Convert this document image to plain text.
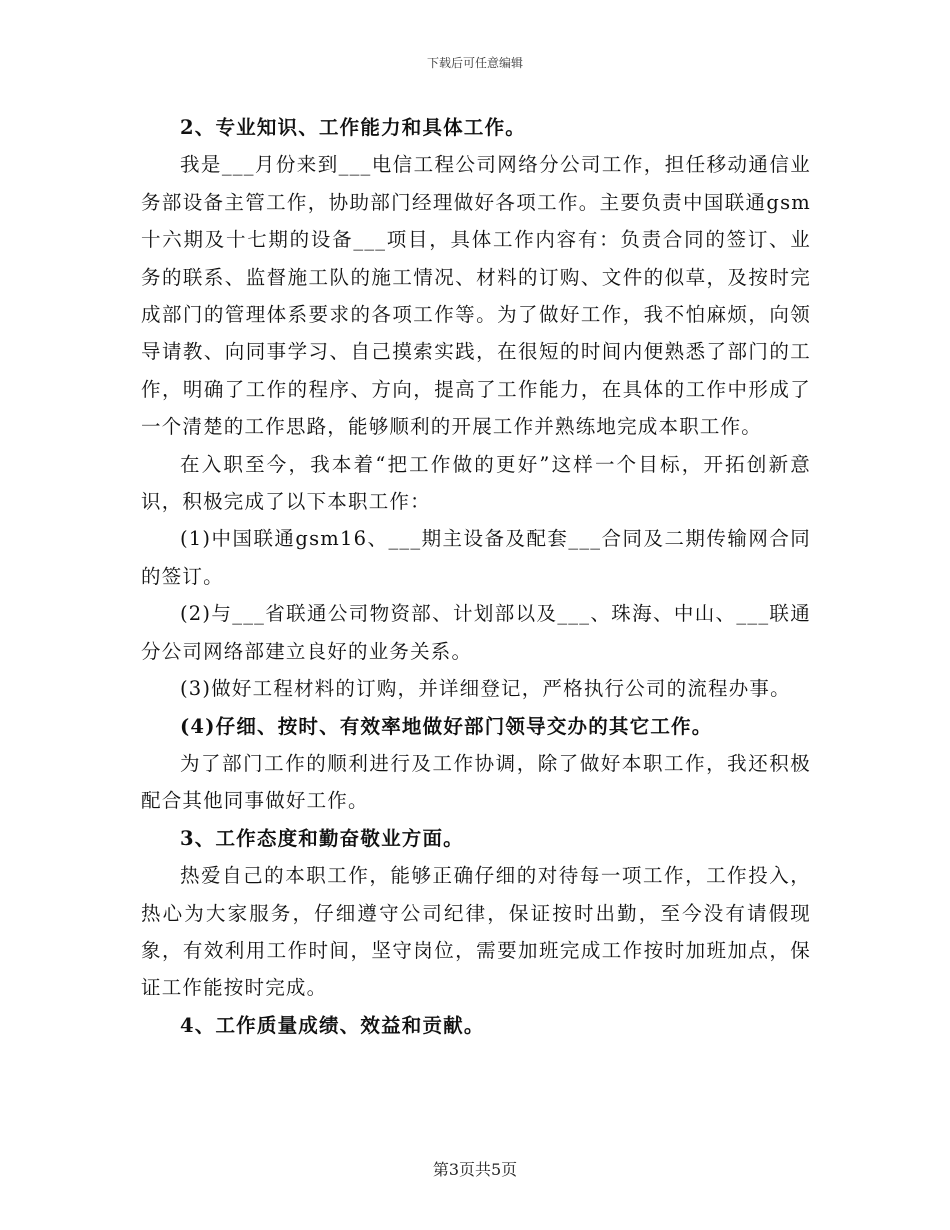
下载后可任意编辑

2、专业知识、工作能力和具体工作。

我是___月份来到___电信工程公司网络分公司工作，担任移动通信业务部设备主管工作，协助部门经理做好各项工作。主要负责中国联通gsm十六期及十七期的设备___项目，具体工作内容有：负责合同的签订、业务的联系、监督施工队的施工情况、材料的订购、文件的似草，及按时完成部门的管理体系要求的各项工作等。为了做好工作，我不怕麻烦，向领导请教、向同事学习、自己摸索实践，在很短的时间内便熟悉了部门的工作，明确了工作的程序、方向，提高了工作能力，在具体的工作中形成了一个清楚的工作思路，能够顺利的开展工作并熟练地完成本职工作。

在入职至今，我本着“把工作做的更好”这样一个目标，开拓创新意识，积极完成了以下本职工作：

(1)中国联通gsm16、___期主设备及配套___合同及二期传输网合同的签订。

(2)与___省联通公司物资部、计划部以及___、珠海、中山、___联通分公司网络部建立良好的业务关系。

(3)做好工程材料的订购，并详细登记，严格执行公司的流程办事。

(4)仔细、按时、有效率地做好部门领导交办的其它工作。

为了部门工作的顺利进行及工作协调，除了做好本职工作，我还积极配合其他同事做好工作。

3、工作态度和勤奋敬业方面。

热爱自己的本职工作，能够正确仔细的对待每一项工作，工作投入，热心为大家服务，仔细遵守公司纪律，保证按时出勤，至今没有请假现象，有效利用工作时间，坚守岗位，需要加班完成工作按时加班加点，保证工作能按时完成。

4、工作质量成绩、效益和贡献。

第3页共5页
